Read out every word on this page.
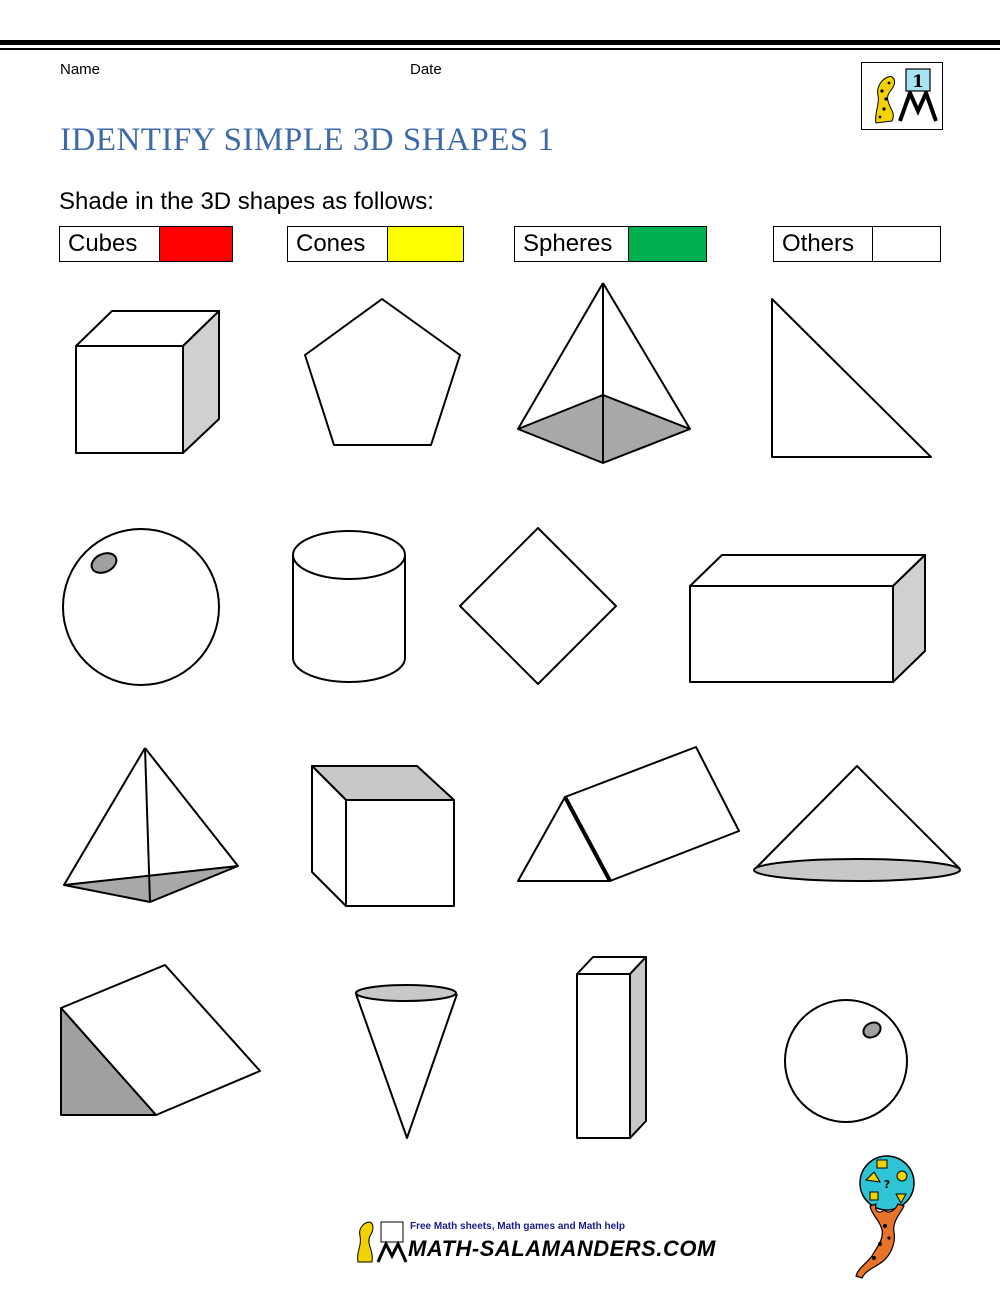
Name	Date
1
IDENTIFY SIMPLE 3D SHAPES 1
Shade in the 3D shapes as follows:
Cubes	Cones	Spheres	Others
?
Free Math sheets, Math games and Math help
MATH-SALAMANDERS.COM
